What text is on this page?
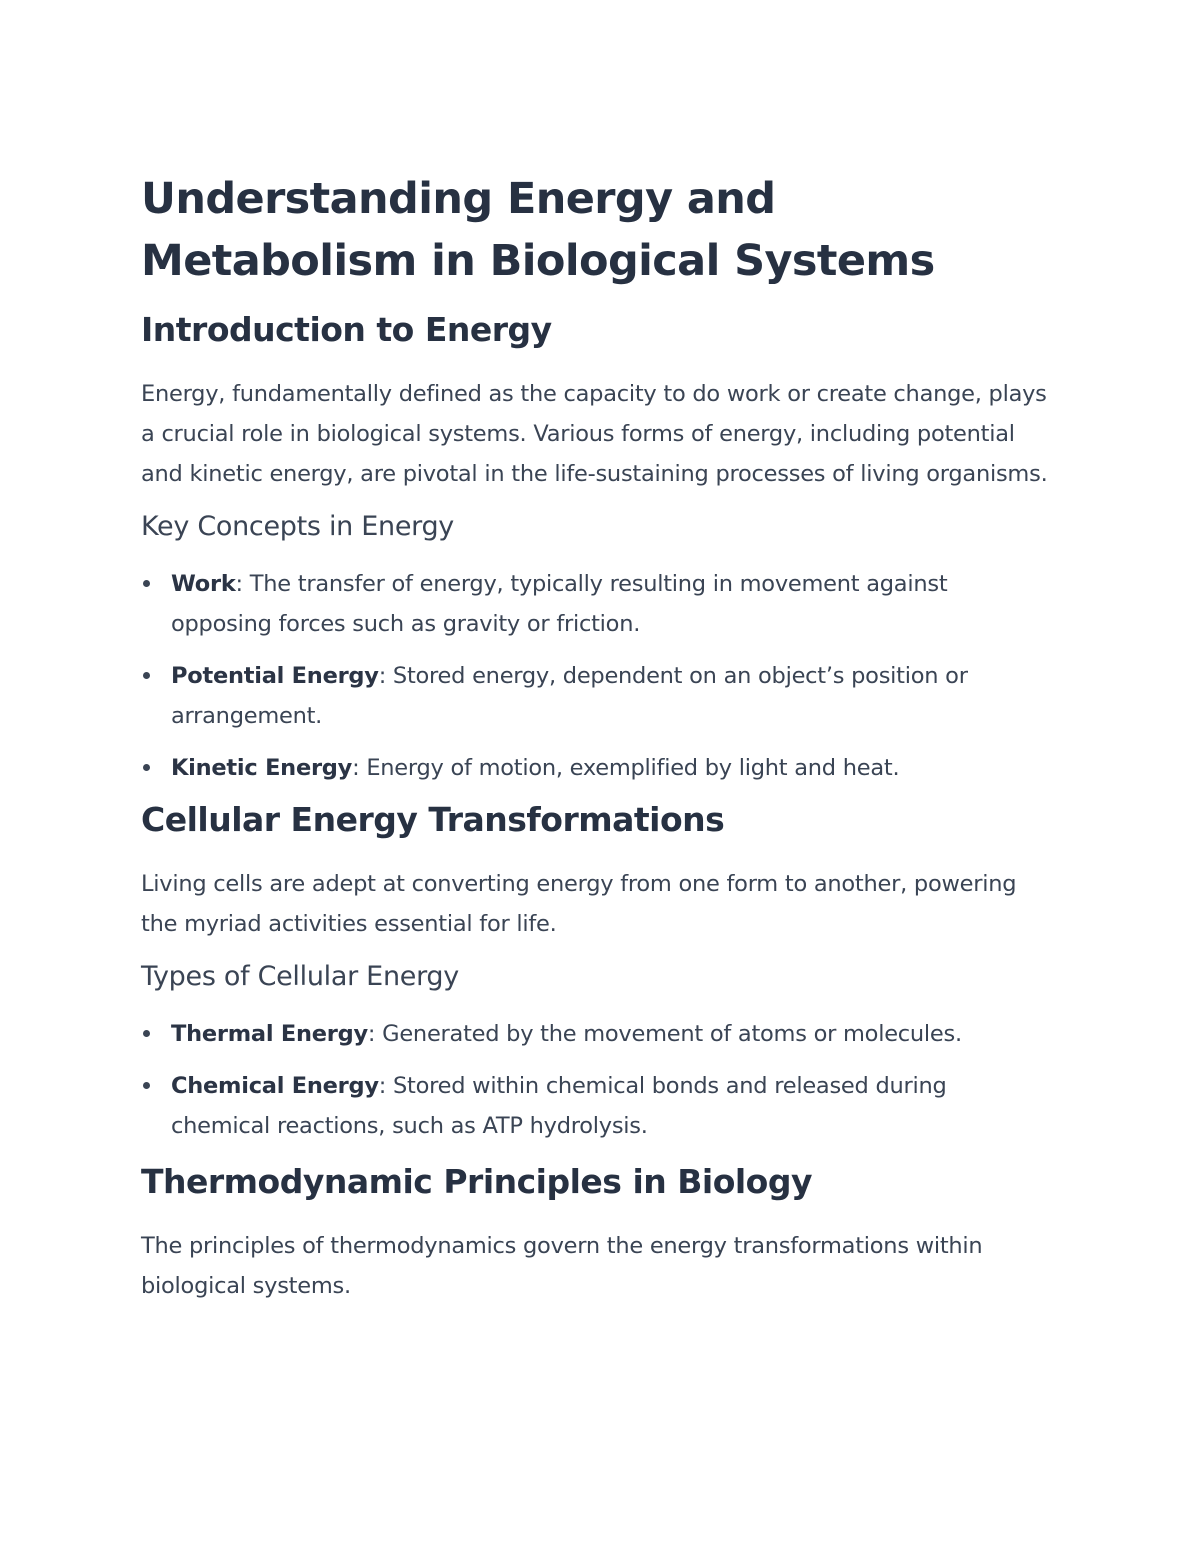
Understanding Energy and Metabolism in Biological Systems
Introduction to Energy

Energy, fundamentally defined as the capacity to do work or create change, plays a crucial role in biological systems. Various forms of energy, including potential and kinetic energy, are pivotal in the life-sustaining processes of living organisms.

Key Concepts in Energy
Work: The transfer of energy, typically resulting in movement against opposing forces such as gravity or friction.
Potential Energy: Stored energy, dependent on an object’s position or arrangement.
Kinetic Energy: Energy of motion, exemplified by light and heat.
Cellular Energy Transformations

Living cells are adept at converting energy from one form to another, powering the myriad activities essential for life.

Types of Cellular Energy
Thermal Energy: Generated by the movement of atoms or molecules.
Chemical Energy: Stored within chemical bonds and released during chemical reactions, such as ATP hydrolysis.
Thermodynamic Principles in Biology

The principles of thermodynamics govern the energy transformations within biological systems.
